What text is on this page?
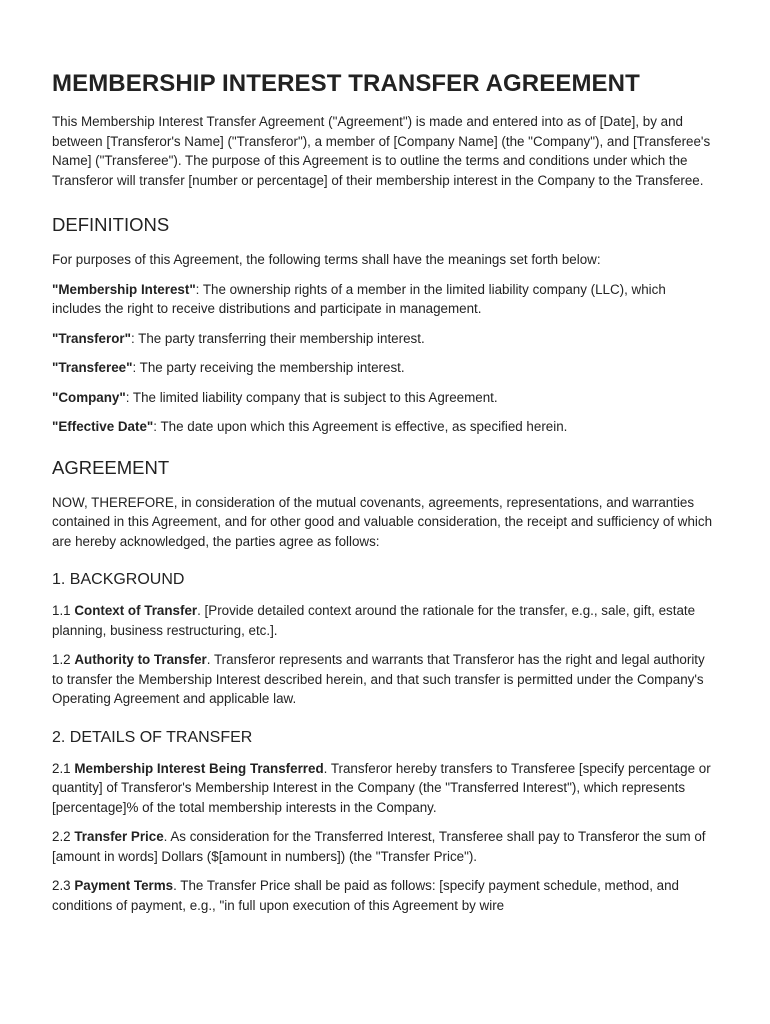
MEMBERSHIP INTEREST TRANSFER AGREEMENT

This Membership Interest Transfer Agreement ("Agreement") is made and entered into as of [Date], by and between [Transferor's Name] ("Transferor"), a member of [Company Name] (the "Company"), and [Transferee's Name] ("Transferee"). The purpose of this Agreement is to outline the terms and conditions under which the Transferor will transfer [number or percentage] of their membership interest in the Company to the Transferee.

DEFINITIONS

For purposes of this Agreement, the following terms shall have the meanings set forth below:

"Membership Interest": The ownership rights of a member in the limited liability company (LLC), which includes the right to receive distributions and participate in management.

"Transferor": The party transferring their membership interest.

"Transferee": The party receiving the membership interest.

"Company": The limited liability company that is subject to this Agreement.

"Effective Date": The date upon which this Agreement is effective, as specified herein.

AGREEMENT

NOW, THEREFORE, in consideration of the mutual covenants, agreements, representations, and warranties contained in this Agreement, and for other good and valuable consideration, the receipt and sufficiency of which are hereby acknowledged, the parties agree as follows:

1. BACKGROUND

1.1 Context of Transfer. [Provide detailed context around the rationale for the transfer, e.g., sale, gift, estate planning, business restructuring, etc.].

1.2 Authority to Transfer. Transferor represents and warrants that Transferor has the right and legal authority to transfer the Membership Interest described herein, and that such transfer is permitted under the Company's Operating Agreement and applicable law.

2. DETAILS OF TRANSFER

2.1 Membership Interest Being Transferred. Transferor hereby transfers to Transferee [specify percentage or quantity] of Transferor's Membership Interest in the Company (the "Transferred Interest"), which represents [percentage]% of the total membership interests in the Company.

2.2 Transfer Price. As consideration for the Transferred Interest, Transferee shall pay to Transferor the sum of [amount in words] Dollars ($[amount in numbers]) (the "Transfer Price").

2.3 Payment Terms. The Transfer Price shall be paid as follows: [specify payment schedule, method, and conditions of payment, e.g., "in full upon execution of this Agreement by wire
